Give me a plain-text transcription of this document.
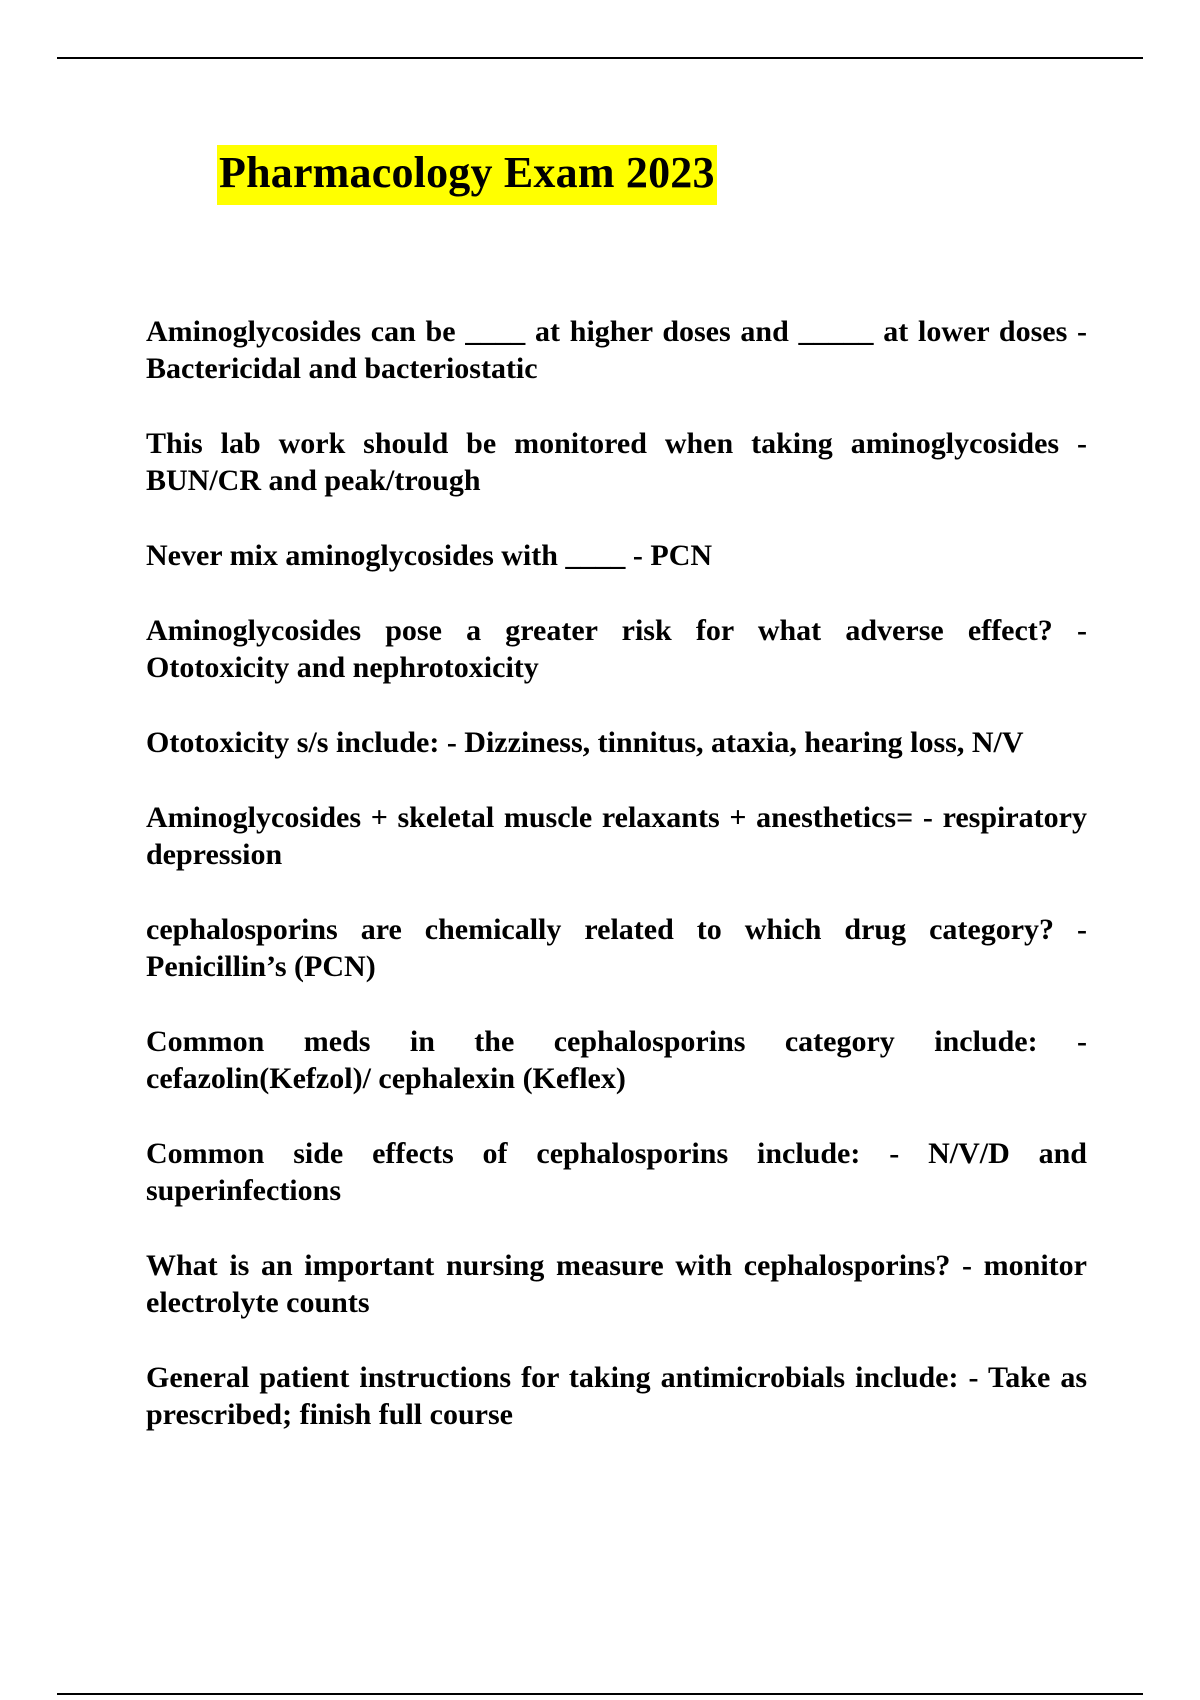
Pharmacology Exam 2023

Aminoglycosides can be ____ at higher doses and _____ at lower doses - Bactericidal and bacteriostatic

This lab work should be monitored when taking aminoglycosides - BUN/CR and peak/trough

Never mix aminoglycosides with ____ - PCN

Aminoglycosides pose a greater risk for what adverse effect? - Ototoxicity and nephrotoxicity

Ototoxicity s/s include: - Dizziness, tinnitus, ataxia, hearing loss, N/V

Aminoglycosides + skeletal muscle relaxants + anesthetics= - respiratory depression

cephalosporins are chemically related to which drug category? - Penicillin’s (PCN)

Common meds in the cephalosporins category include: - cefazolin(Kefzol)/ cephalexin (Keflex)

Common side effects of cephalosporins include: - N/V/D and superinfections

What is an important nursing measure with cephalosporins? - monitor electrolyte counts

General patient instructions for taking antimicrobials include: - Take as prescribed; finish full course
